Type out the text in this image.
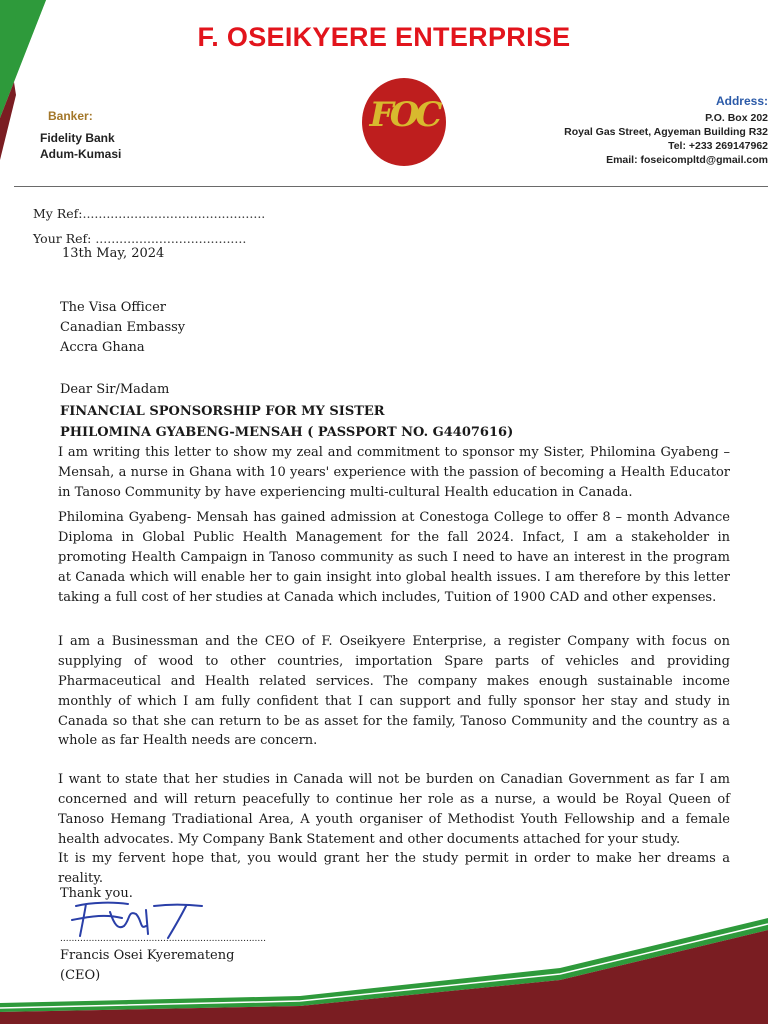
F. OSEIKYERE ENTERPRISE
Banker:
Fidelity Bank
Adum-Kumasi
FOC	Address:
P.O. Box 202
Royal Gas Street, Agyeman Building R32
Tel: +233 269147962
Email: foseicompltd@gmail.com
My Ref:..............................................
Your Ref: ......................................
13th May, 2024
The Visa Officer
Canadian Embassy
Accra Ghana
Dear Sir/Madam
FINANCIAL SPONSORSHIP FOR MY SISTER
PHILOMINA GYABENG-MENSAH ( PASSPORT NO. G4407616)

I am writing this letter to show my zeal and commitment to sponsor my Sister, Philomina Gyabeng – Mensah, a nurse in Ghana with 10 years' experience with the passion of becoming a Health Educator in Tanoso Community by have experiencing multi-cultural Health education in Canada.

Philomina Gyabeng- Mensah has gained admission at Conestoga College to offer 8 – month Advance Diploma in Global Public Health Management for the fall 2024. Infact, I am a stakeholder in promoting Health Campaign in Tanoso community as such I need to have an interest in the program at Canada which will enable her to gain insight into global health issues. I am therefore by this letter taking a full cost of her studies at Canada which includes, Tuition of 1900 CAD and other expenses.

I am a Businessman and the CEO of F. Oseikyere Enterprise, a register Company with focus on supplying of wood to other countries, importation Spare parts of vehicles and providing Pharmaceutical and Health related services. The company makes enough sustainable income monthly of which I am fully confident that I can support and fully sponsor her stay and study in Canada so that she can return to be as asset for the family, Tanoso Community and the country as a whole as far Health needs are concern.

I want to state that her studies in Canada will not be burden on Canadian Government as far I am concerned and will return peacefully to continue her role as a nurse, a would be Royal Queen of Tanoso Hemang Tradiational Area, A youth organiser of Methodist Youth Fellowship and a female health advocates. My Company Bank Statement and other documents attached for your study.

It is my fervent hope that, you would grant her the study permit in order to make her dreams a reality.

Thank you.
........................................................................
Francis Osei Kyeremateng
(CEO)
